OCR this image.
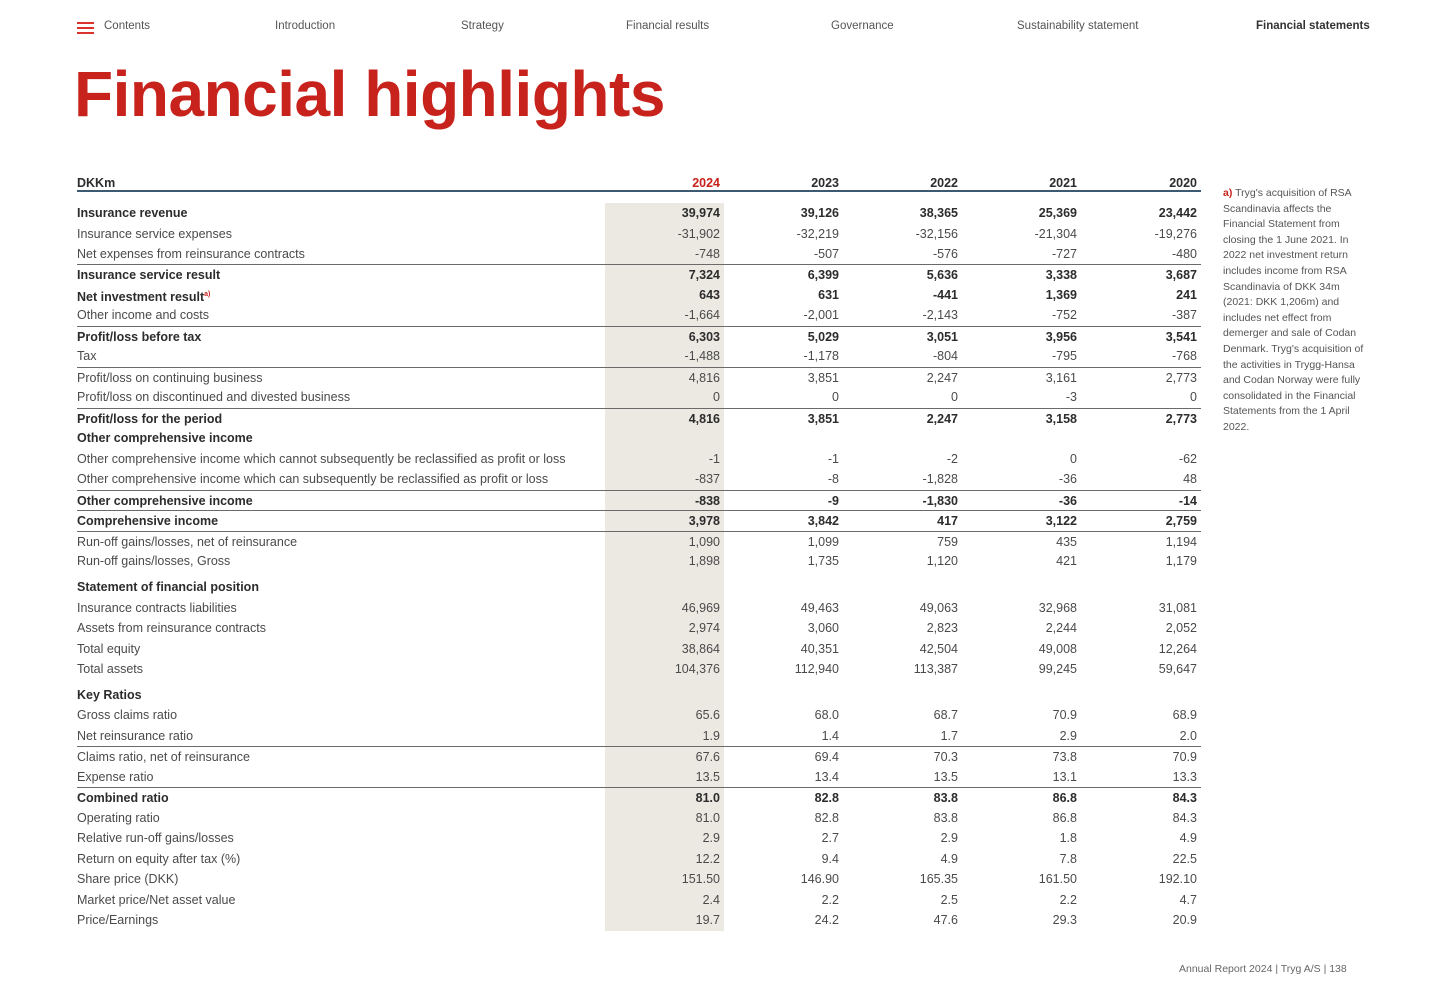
Contents	Introduction	Strategy	Financial results	Governance	Sustainability statement	Financial statements
Financial highlights
DKKm	2024	2023	2022	2021	2020
Insurance revenue	39,974	39,126	38,365	25,369	23,442
Insurance service expenses	-31,902	-32,219	-32,156	-21,304	-19,276
Net expenses from reinsurance contracts	-748	-507	-576	-727	-480
Insurance service result	7,324	6,399	5,636	3,338	3,687
Net investment result$^{a)}$	643	631	-441	1,369	241
Other income and costs	-1,664	-2,001	-2,143	-752	-387
Profit/loss before tax	6,303	5,029	3,051	3,956	3,541
Tax	-1,488	-1,178	-804	-795	-768
Profit/loss on continuing business	4,816	3,851	2,247	3,161	2,773
Profit/loss on discontinued and divested business	0	0	0	-3	0
Profit/loss for the period	4,816	3,851	2,247	3,158	2,773
Other comprehensive income
Other comprehensive income which cannot subsequently be reclassified as profit or loss	-1	-1	-2	0	-62
Other comprehensive income which can subsequently be reclassified as profit or loss	-837	-8	-1,828	-36	48
Other comprehensive income	-838	-9	-1,830	-36	-14
Comprehensive income	3,978	3,842	417	3,122	2,759
Run-off gains/losses, net of reinsurance	1,090	1,099	759	435	1,194
Run-off gains/losses, Gross	1,898	1,735	1,120	421	1,179
Statement of financial position
Insurance contracts liabilities	46,969	49,463	49,063	32,968	31,081
Assets from reinsurance contracts	2,974	3,060	2,823	2,244	2,052
Total equity	38,864	40,351	42,504	49,008	12,264
Total assets	104,376	112,940	113,387	99,245	59,647
Key Ratios
Gross claims ratio	65.6	68.0	68.7	70.9	68.9
Net reinsurance ratio	1.9	1.4	1.7	2.9	2.0
Claims ratio, net of reinsurance	67.6	69.4	70.3	73.8	70.9
Expense ratio	13.5	13.4	13.5	13.1	13.3
Combined ratio	81.0	82.8	83.8	86.8	84.3
Operating ratio	81.0	82.8	83.8	86.8	84.3
Relative run-off gains/losses	2.9	2.7	2.9	1.8	4.9
Return on equity after tax (%)	12.2	9.4	4.9	7.8	22.5
Share price (DKK)	151.50	146.90	165.35	161.50	192.10
Market price/Net asset value	2.4	2.2	2.5	2.2	4.7
Price/Earnings	19.7	24.2	47.6	29.3	20.9
a) Tryg's acquisition of RSA Scandinavia affects the Financial Statement from closing the 1 June 2021. In 2022 net investment return includes income from RSA Scandinavia of DKK 34m (2021: DKK 1,206m) and includes net effect from demerger and sale of Codan Denmark. Tryg's acquisition of the activities in Trygg-Hansa and Codan Norway were fully consolidated in the Financial Statements from the 1 April 2022.
Annual Report 2024 | Tryg A/S | 138
